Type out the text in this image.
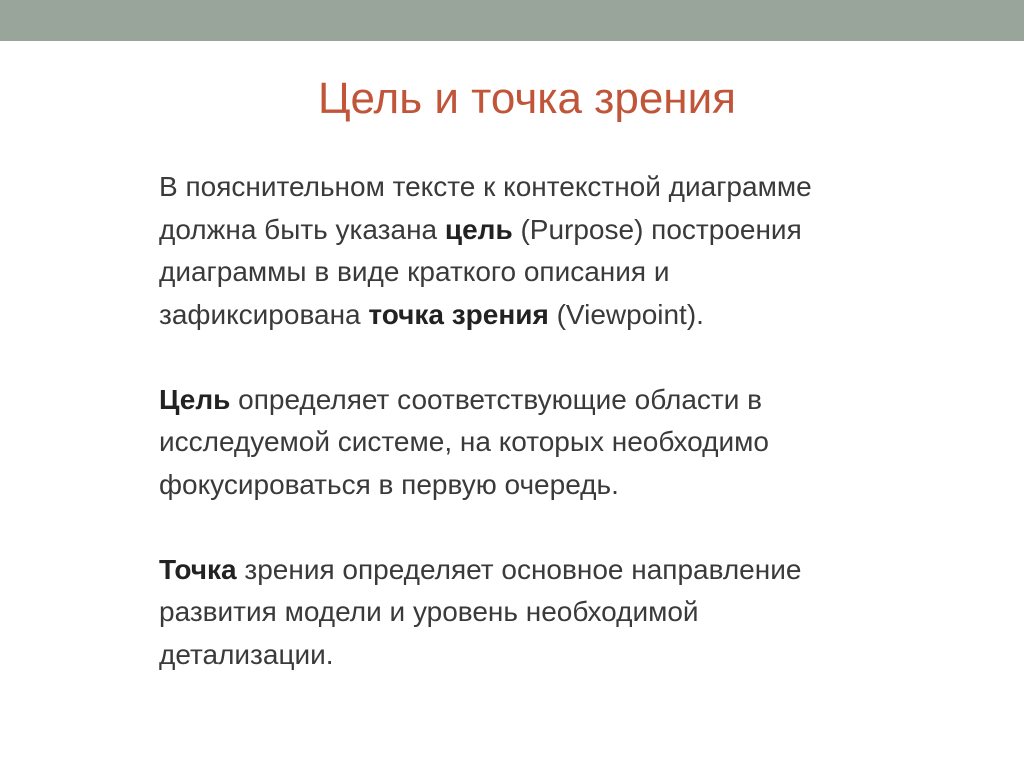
Цель и точка зрения

В пояснительном тексте к контекстной диаграмме
должна быть указана цель (Purpose) построения
диаграммы в виде краткого описания и
зафиксирована точка зрения (Viewpoint).

Цель определяет соответствующие области в
исследуемой системе, на которых необходимо
фокусироваться в первую очередь.

Точка зрения определяет основное направление
развития модели и уровень необходимой
детализации.
